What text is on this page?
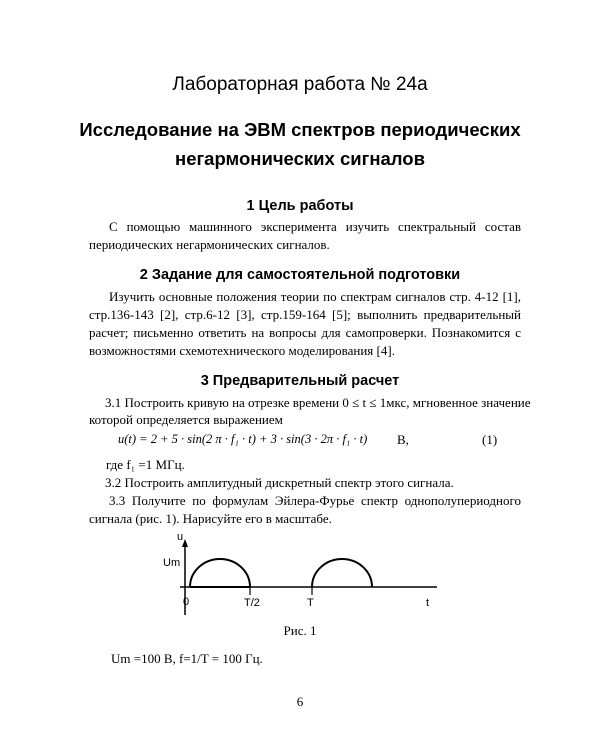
Лабораторная работа № 24а
Исследование на ЭВМ спектров периодических
негармонических сигналов
1 Цель работы

С помощью машинного эксперимента изучить спектральный состав периодических негармонических сигналов.

2 Задание для самостоятельной подготовки

Изучить основные положения теории по спектрам сигналов стр. 4-12 [1], стр.136-143 [2], стр.6-12 [3], стр.159-164 [5]; выполнить предварительный расчет; письменно ответить на вопросы для самопроверки. Познакомится с возможностями схемотехнического моделирования [4].

3 Предварительный расчет
3.1 Построить кривую на отрезке времени 0 ≤ t ≤ 1мкс, мгновенное значение
которой определяется выражением
u(t) = 2 + 5 · sin(2 π · f₁ · t) + 3 · sin(3 · 2π · f₁ · t) В,	(1)
где f₁ =1 МГц.
3.2 Построить амплитудный дискретный спектр этого сигнала.

3.3 Получите по формулам Эйлера-Фурье спектр однополупериодного сигнала (рис. 1). Нарисуйте его в масштабе.

u
Um
0	T/2	T	t
Рис. 1
Um =100 В, f=1/T = 100 Гц.
6
